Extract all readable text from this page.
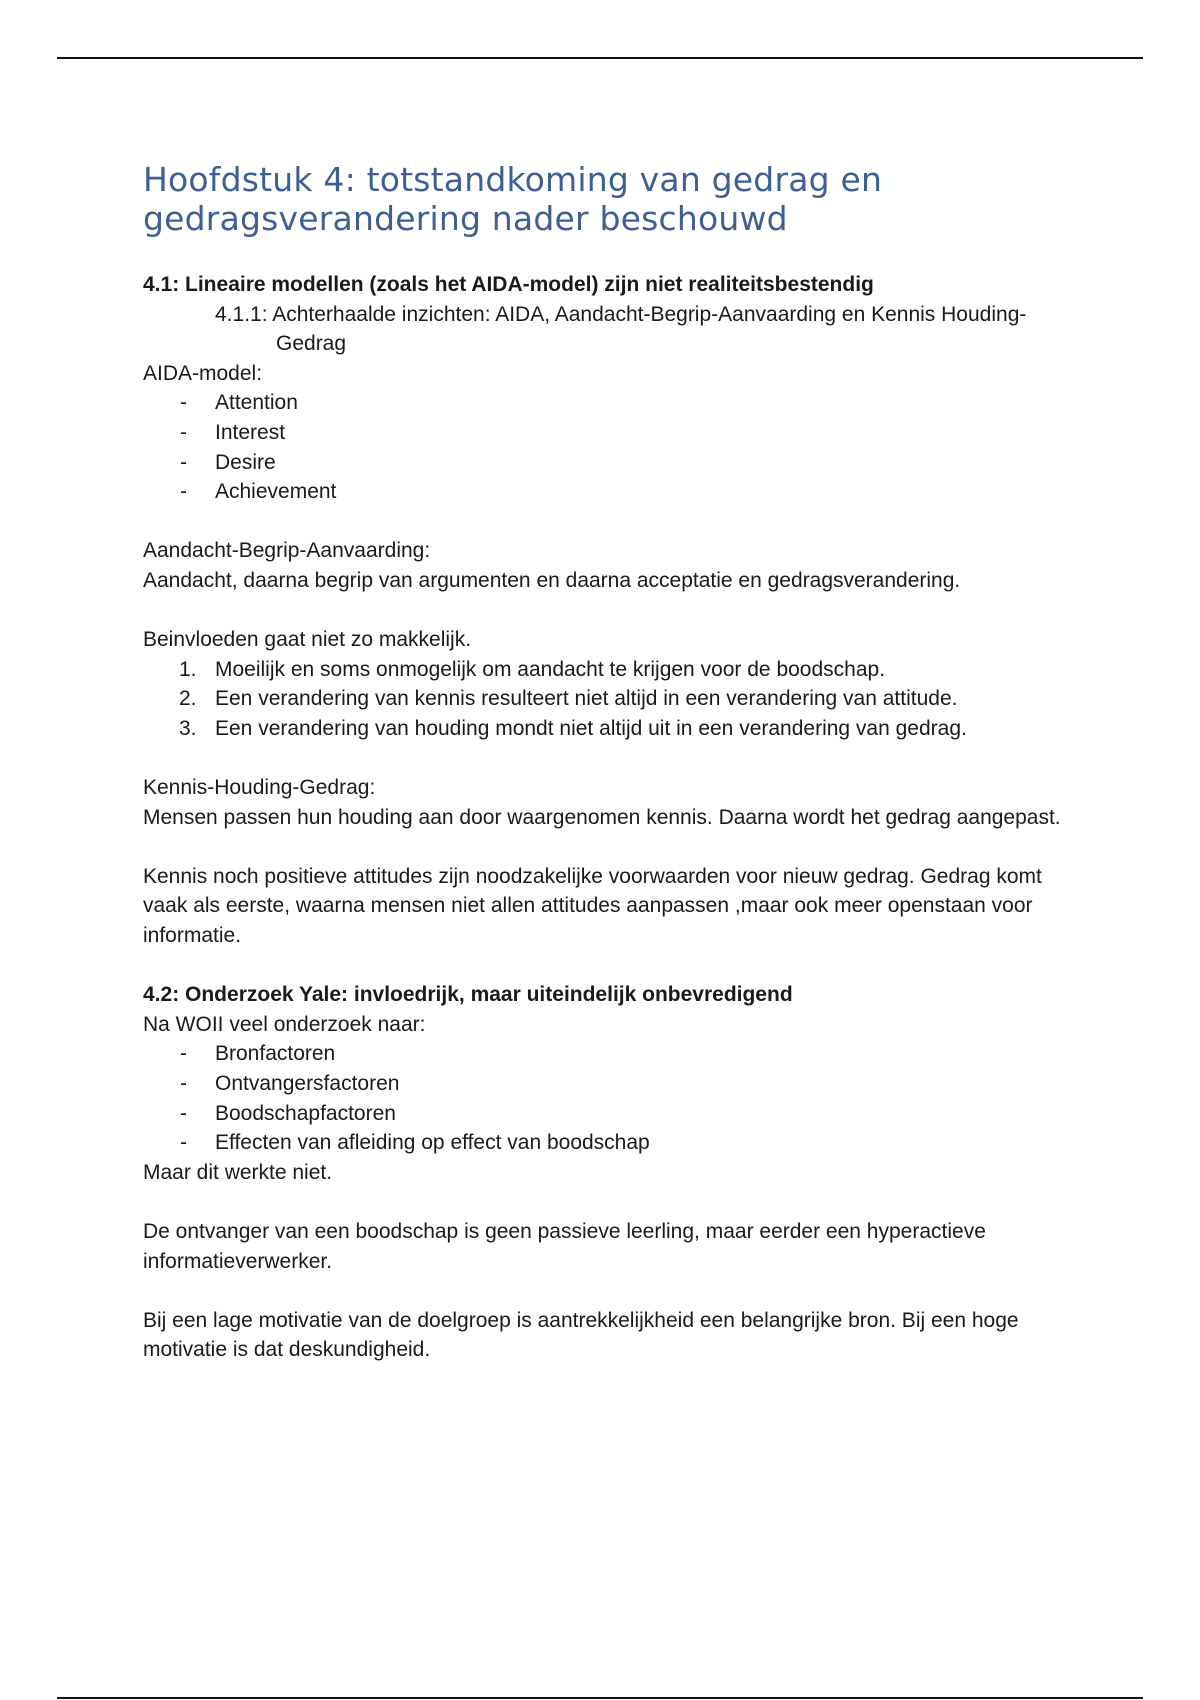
Hoofdstuk 4: totstandkoming van gedrag en gedragsverandering nader beschouwd
4.1: Lineaire modellen (zoals het AIDA-model) zijn niet realiteitsbestendig

4.1.1: Achterhaalde inzichten: AIDA, Aandacht-Begrip-Aanvaarding en Kennis Houding-Gedrag

AIDA-model:

- Attention
- Interest
- Desire
- Achievement

Aandacht-Begrip-Aanvaarding:

Aandacht, daarna begrip van argumenten en daarna acceptatie en gedragsverandering.

Beinvloeden gaat niet zo makkelijk.

1. Moeilijk en soms onmogelijk om aandacht te krijgen voor de boodschap.
2. Een verandering van kennis resulteert niet altijd in een verandering van attitude.
3. Een verandering van houding mondt niet altijd uit in een verandering van gedrag.

Kennis-Houding-Gedrag:

Mensen passen hun houding aan door waargenomen kennis. Daarna wordt het gedrag aangepast.

Kennis noch positieve attitudes zijn noodzakelijke voorwaarden voor nieuw gedrag. Gedrag komt vaak als eerste, waarna mensen niet allen attitudes aanpassen ,maar ook meer openstaan voor informatie.

4.2: Onderzoek Yale: invloedrijk, maar uiteindelijk onbevredigend

Na WOII veel onderzoek naar:

- Bronfactoren
- Ontvangersfactoren
- Boodschapfactoren
- Effecten van afleiding op effect van boodschap

Maar dit werkte niet.

De ontvanger van een boodschap is geen passieve leerling, maar eerder een hyperactieve informatieverwerker.

Bij een lage motivatie van de doelgroep is aantrekkelijkheid een belangrijke bron. Bij een hoge motivatie is dat deskundigheid.
